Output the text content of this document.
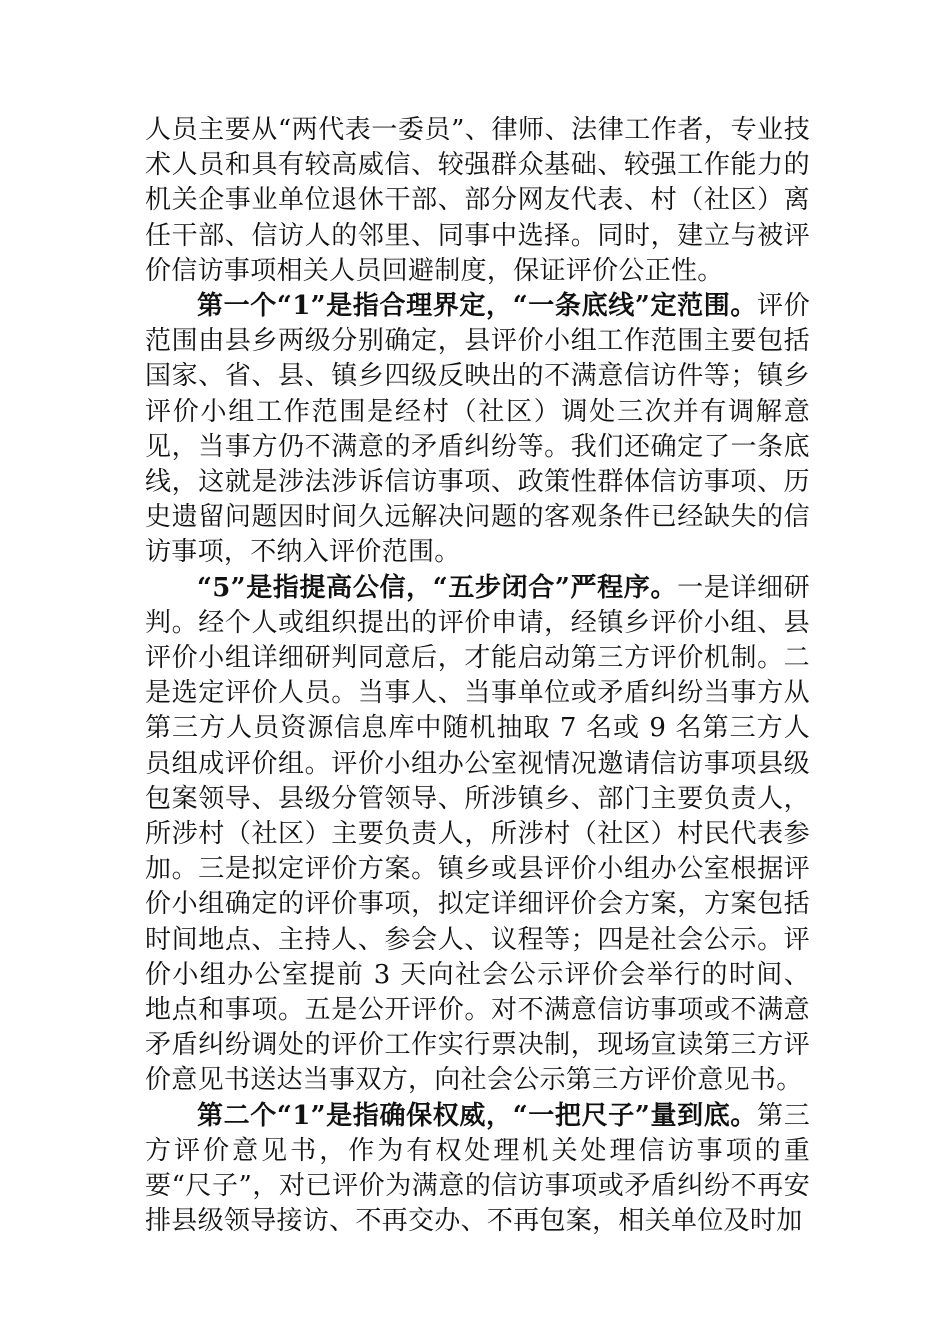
人员主要从“两代表一委员”、律师、法律工作者，专业技术人员和具有较高威信、较强群众基础、较强工作能力的机关企事业单位退休干部、部分网友代表、村（社区）离任干部、信访人的邻里、同事中选择。同时，建立与被评价信访事项相关人员回避制度，保证评价公正性。

第一个“1”是指合理界定，“一条底线”定范围。评价范围由县乡两级分别确定，县评价小组工作范围主要包括国家、省、县、镇乡四级反映出的不满意信访件等；镇乡评价小组工作范围是经村（社区）调处三次并有调解意见，当事方仍不满意的矛盾纠纷等。我们还确定了一条底线，这就是涉法涉诉信访事项、政策性群体信访事项、历史遗留问题因时间久远解决问题的客观条件已经缺失的信访事项，不纳入评价范围。

“5”是指提高公信，“五步闭合”严程序。一是详细研判。经个人或组织提出的评价申请，经镇乡评价小组、县评价小组详细研判同意后，才能启动第三方评价机制。二是选定评价人员。当事人、当事单位或矛盾纠纷当事方从第三方人员资源信息库中随机抽取 7 名或 9 名第三方人员组成评价组。评价小组办公室视情况邀请信访事项县级包案领导、县级分管领导、所涉镇乡、部门主要负责人，所涉村（社区）主要负责人，所涉村（社区）村民代表参加。三是拟定评价方案。镇乡或县评价小组办公室根据评价小组确定的评价事项，拟定详细评价会方案，方案包括时间地点、主持人、参会人、议程等；四是社会公示。评价小组办公室提前 3 天向社会公示评价会举行的时间、地点和事项。五是公开评价。对不满意信访事项或不满意矛盾纠纷调处的评价工作实行票决制，现场宣读第三方评价意见书送达当事双方，向社会公示第三方评价意见书。

第二个“1”是指确保权威，“一把尺子”量到底。第三方评价意见书，作为有权处理机关处理信访事项的重要“尺子”，对已评价为满意的信访事项或矛盾纠纷不再安排县级领导接访、不再交办、不再包案，相关单位及时加
